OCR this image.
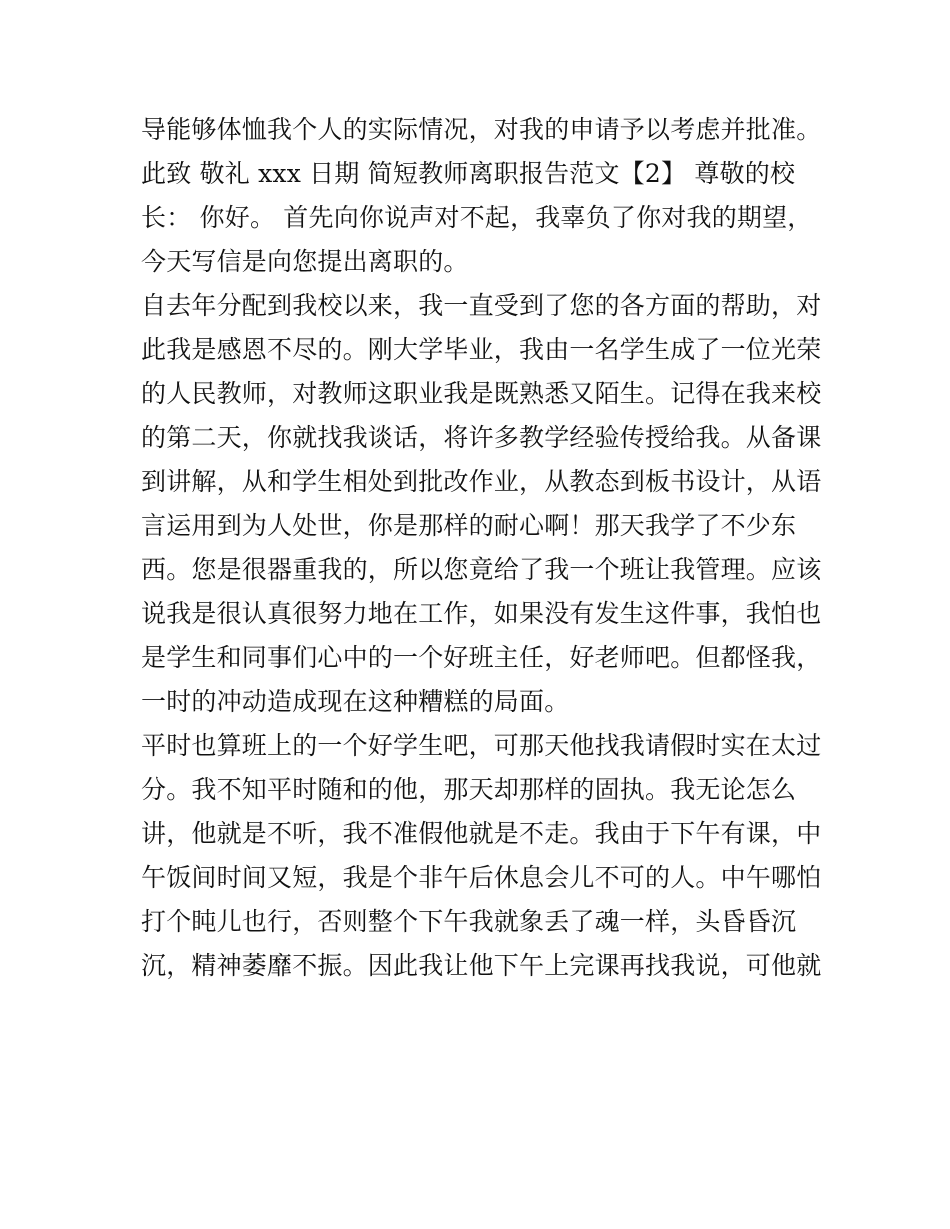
导能够体恤我个人的实际情况，对我的申请予以考虑并批准。
此致 敬礼 xxx 日期 简短教师离职报告范文【2】 尊敬的校
长： 你好。 首先向你说声对不起，我辜负了你对我的期望，
今天写信是向您提出离职的。
自去年分配到我校以来，我一直受到了您的各方面的帮助，对
此我是感恩不尽的。刚大学毕业，我由一名学生成了一位光荣
的人民教师，对教师这职业我是既熟悉又陌生。记得在我来校
的第二天，你就找我谈话，将许多教学经验传授给我。从备课
到讲解，从和学生相处到批改作业，从教态到板书设计，从语
言运用到为人处世，你是那样的耐心啊！那天我学了不少东
西。您是很器重我的，所以您竟给了我一个班让我管理。应该
说我是很认真很努力地在工作，如果没有发生这件事，我怕也
是学生和同事们心中的一个好班主任，好老师吧。但都怪我，
一时的冲动造成现在这种糟糕的局面。
平时也算班上的一个好学生吧，可那天他找我请假时实在太过
分。我不知平时随和的他，那天却那样的固执。我无论怎么
讲，他就是不听，我不准假他就是不走。我由于下午有课，中
午饭间时间又短，我是个非午后休息会儿不可的人。中午哪怕
打个盹儿也行，否则整个下午我就象丢了魂一样，头昏昏沉
沉，精神萎靡不振。因此我让他下午上完课再找我说，可他就
